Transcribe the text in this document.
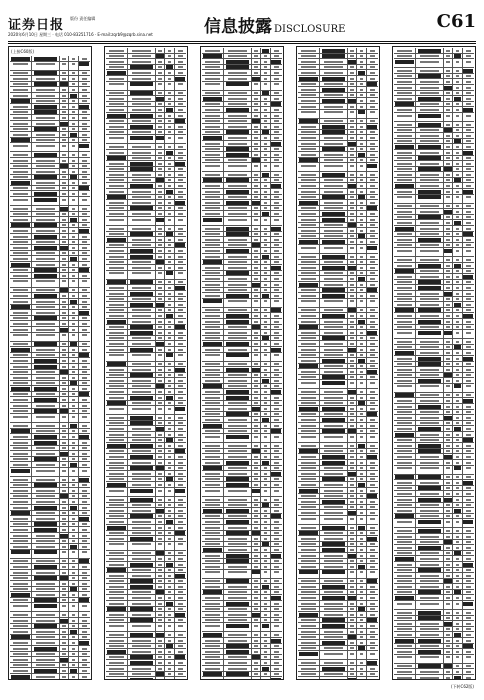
证券日报 版份 责任编辑
2020年6月10日 星期三 · 电话 010-83251716 · E-mail:zqrb9@zqrb.sina.net	信息披露 DISCLOSURE	C61
(上接C60版)
(下转C62版)
